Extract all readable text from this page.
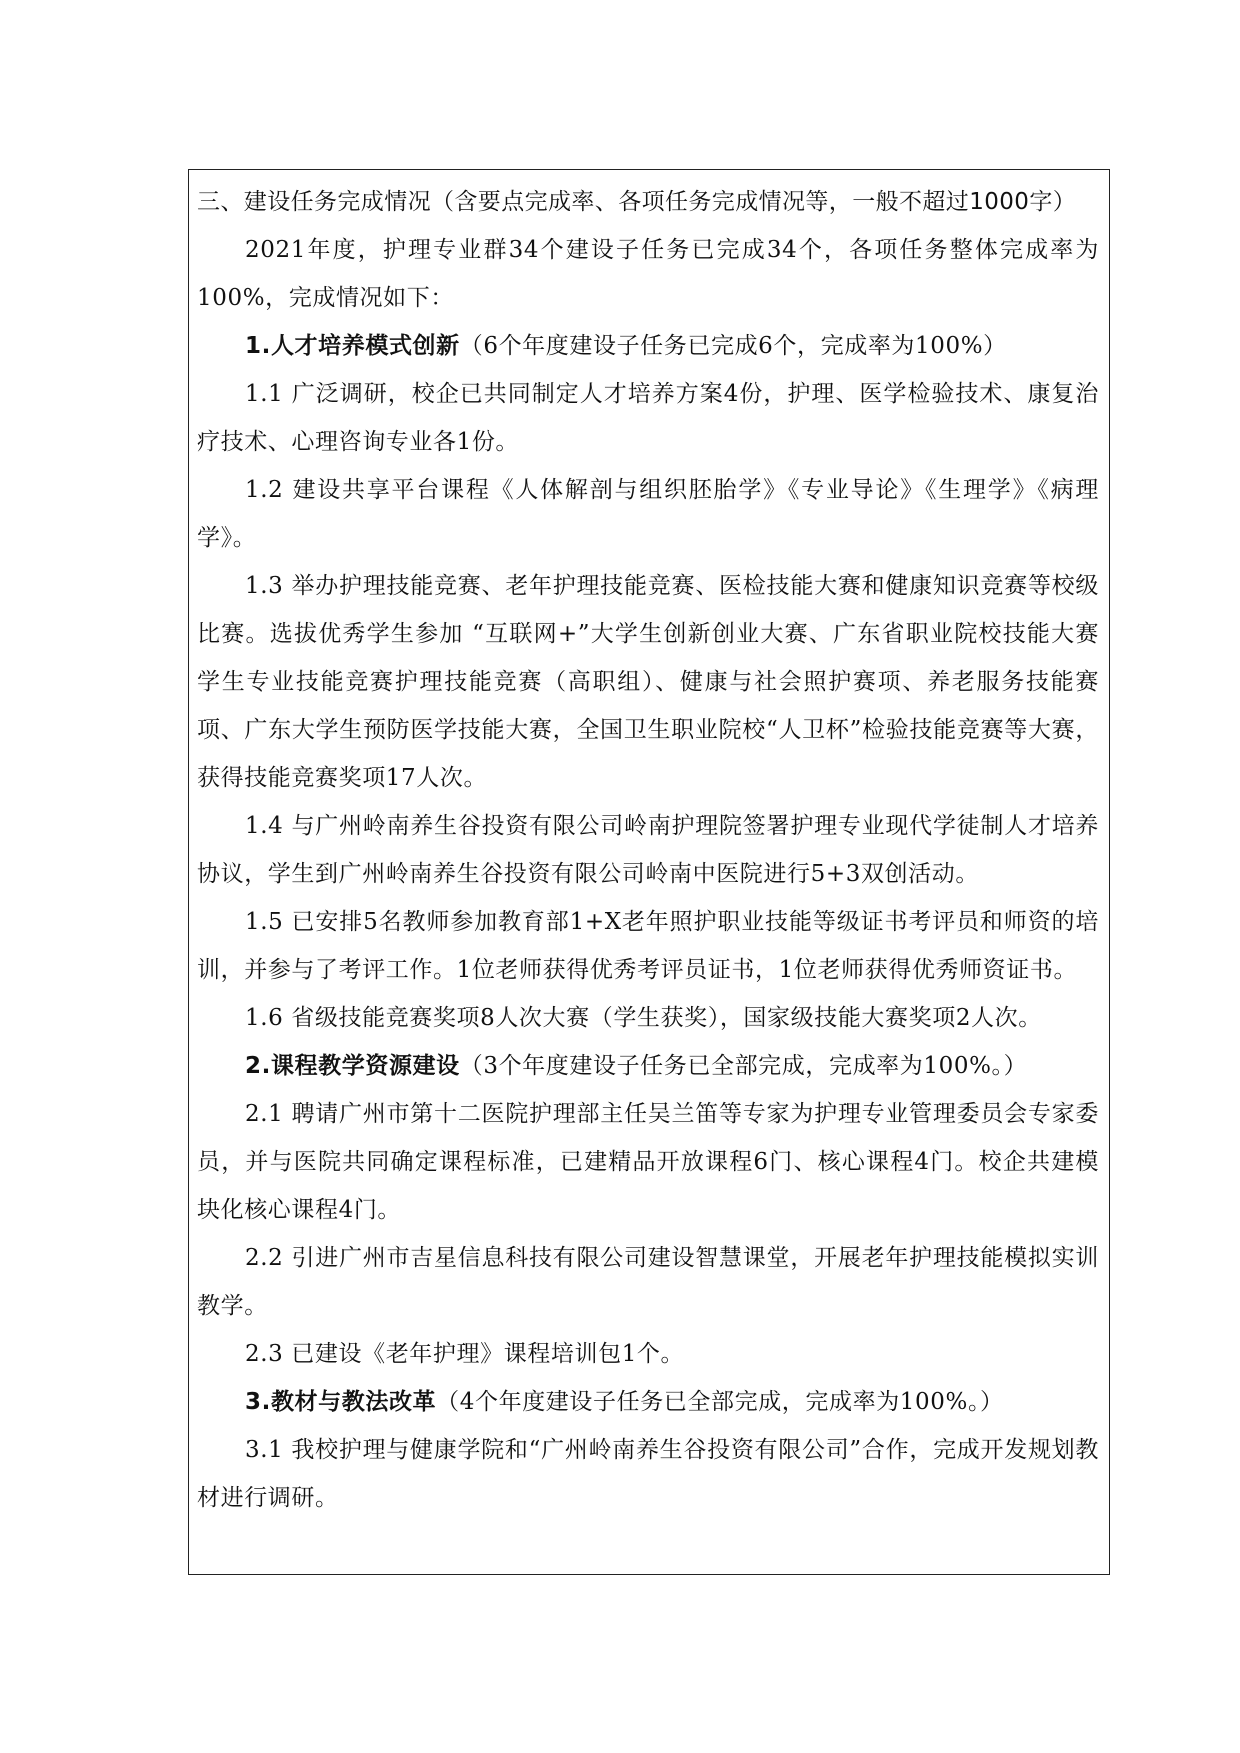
三、建设任务完成情况（含要点完成率、各项任务完成情况等，一般不超过1000字）

2021年度，护理专业群34个建设子任务已完成34个，各项任务整体完成率为100%，完成情况如下：

1.人才培养模式创新（6个年度建设子任务已完成6个，完成率为100%）

1.1 广泛调研，校企已共同制定人才培养方案4份，护理、医学检验技术、康复治疗技术、心理咨询专业各1份。

1.2 建设共享平台课程《人体解剖与组织胚胎学》《专业导论》《生理学》《病理学》。

1.3 举办护理技能竞赛、老年护理技能竞赛、医检技能大赛和健康知识竞赛等校级比赛。选拔优秀学生参加 “互联网+”大学生创新创业大赛、广东省职业院校技能大赛学生专业技能竞赛护理技能竞赛（高职组）、健康与社会照护赛项、养老服务技能赛项、广东大学生预防医学技能大赛，全国卫生职业院校“人卫杯”检验技能竞赛等大赛，获得技能竞赛奖项17人次。

1.4 与广州岭南养生谷投资有限公司岭南护理院签署护理专业现代学徒制人才培养协议，学生到广州岭南养生谷投资有限公司岭南中医院进行5+3双创活动。

1.5 已安排5名教师参加教育部1+X老年照护职业技能等级证书考评员和师资的培训，并参与了考评工作。1位老师获得优秀考评员证书，1位老师获得优秀师资证书。

1.6 省级技能竞赛奖项8人次大赛（学生获奖），国家级技能大赛奖项2人次。

2.课程教学资源建设（3个年度建设子任务已全部完成，完成率为100%。）

2.1 聘请广州市第十二医院护理部主任吴兰笛等专家为护理专业管理委员会专家委员，并与医院共同确定课程标准，已建精品开放课程6门、核心课程4门。校企共建模块化核心课程4门。

2.2 引进广州市吉星信息科技有限公司建设智慧课堂，开展老年护理技能模拟实训教学。

2.3 已建设《老年护理》课程培训包1个。

3.教材与教法改革（4个年度建设子任务已全部完成，完成率为100%。）

3.1 我校护理与健康学院和“广州岭南养生谷投资有限公司”合作，完成开发规划教材进行调研。
